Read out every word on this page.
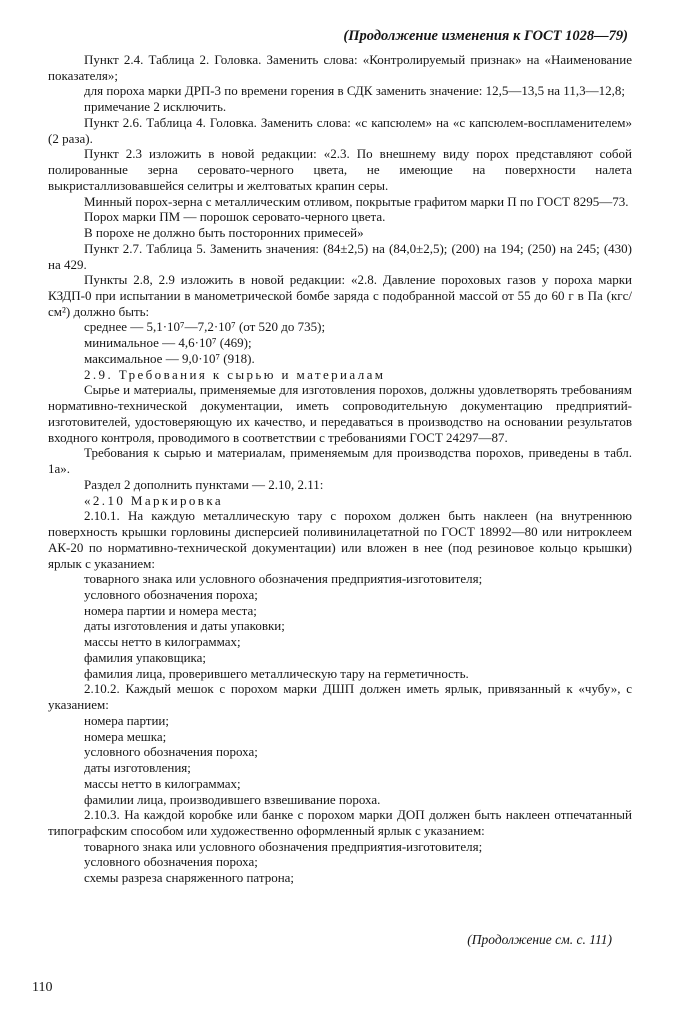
(Продолжение изменения к ГОСТ 1028—79)

Пункт 2.4. Таблица 2. Головка. Заменить слова: «Контролируемый признак» на «Наименование показателя»;

для пороха марки ДРП-3 по времени горения в СДК заменить значение: 12,5—13,5 на 11,3—12,8;

примечание 2 исключить.

Пункт 2.6. Таблица 4. Головка. Заменить слова: «с капсюлем» на «с капсюлем-воспламенителем» (2 раза).

Пункт 2.3 изложить в новой редакции: «2.3. По внешнему виду порох представляют собой полированные зерна серовато-черного цвета, не имеющие на поверхности налета выкристаллизовавшейся селитры и желтоватых крапин серы.

Минный порох-зерна с металлическим отливом, покрытые графитом марки П по ГОСТ 8295—73.

Порох марки ПМ — порошок серовато-черного цвета.

В порохе не должно быть посторонних примесей»

Пункт 2.7. Таблица 5. Заменить значения: (84±2,5) на (84,0±2,5); (200) на 194; (250) на 245; (430) на 429.

Пункты 2.8, 2.9 изложить в новой редакции: «2.8. Давление пороховых газов у пороха марки КЗДП-0 при испытании в манометрической бомбе заряда с подобранной массой от 55 до 60 г в Па (кгс/см²) должно быть:

среднее — 5,1·10⁷—7,2·10⁷ (от 520 до 735);

минимальное — 4,6·10⁷ (469);

максимальное — 9,0·10⁷ (918).

2.9. Требования к сырью и материалам

Сырье и материалы, применяемые для изготовления порохов, должны удовлетворять требованиям нормативно-технической документации, иметь сопроводительную документацию предприятий-изготовителей, удостоверяющую их качество, и передаваться в производство на основании результатов входного контроля, проводимого в соответствии с требованиями ГОСТ 24297—87.

Требования к сырью и материалам, применяемым для производства порохов, приведены в табл. 1а».

Раздел 2 дополнить пунктами — 2.10, 2.11:

«2.10 Маркировка

2.10.1. На каждую металлическую тару с порохом должен быть наклеен (на внутреннюю поверхность крышки горловины дисперсией поливинилацетатной по ГОСТ 18992—80 или нитроклеем АК-20 по нормативно-технической документации) или вложен в нее (под резиновое кольцо крышки) ярлык с указанием:

товарного знака или условного обозначения предприятия-изготовителя;

условного обозначения пороха;

номера партии и номера места;

даты изготовления и даты упаковки;

массы нетто в килограммах;

фамилия упаковщика;

фамилия лица, проверившего металлическую тару на герметичность.

2.10.2. Каждый мешок с порохом марки ДШП должен иметь ярлык, привязанный к «чубу», с указанием:

номера партии;

номера мешка;

условного обозначения пороха;

даты изготовления;

массы нетто в килограммах;

фамилии лица, производившего взвешивание пороха.

2.10.3. На каждой коробке или банке с порохом марки ДОП должен быть наклеен отпечатанный типографским способом или художественно оформленный ярлык с указанием:

товарного знака или условного обозначения предприятия-изготовителя;

условного обозначения пороха;

схемы разреза снаряженного патрона;

(Продолжение см. с. 111)
110
